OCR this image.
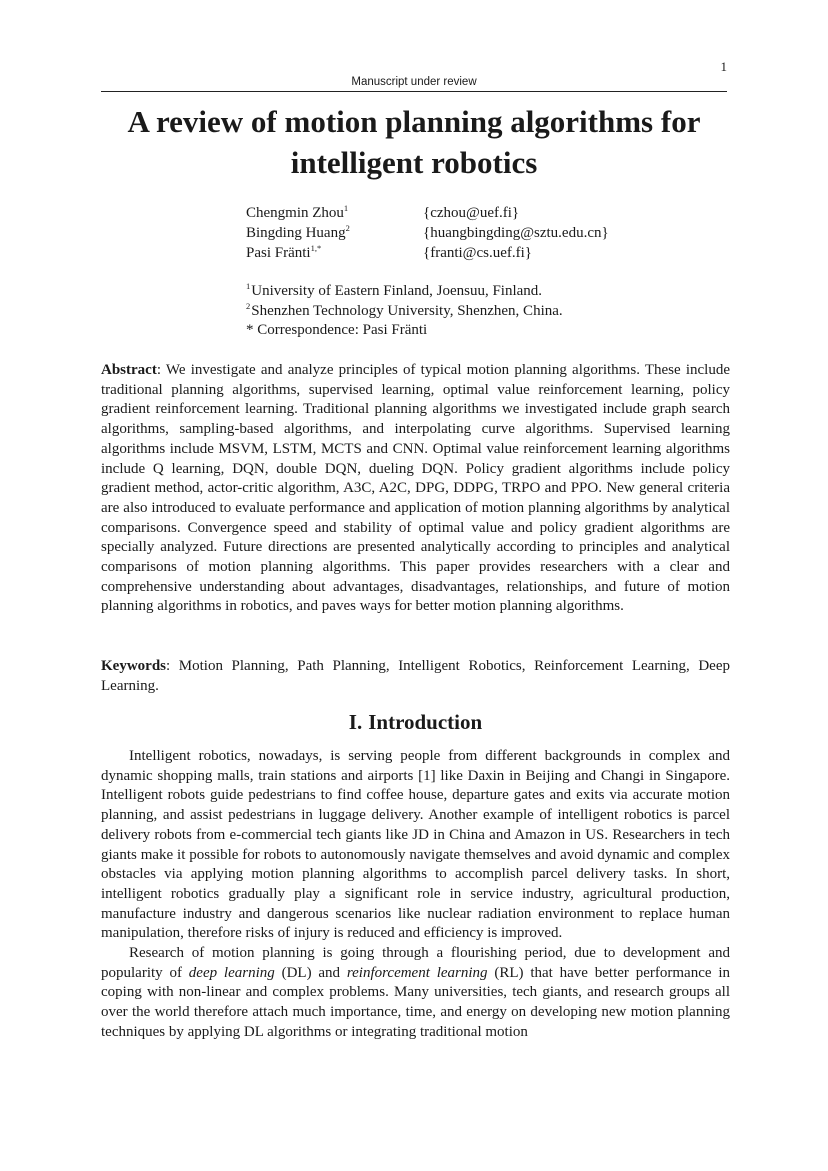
1
Manuscript under review
A review of motion planning algorithms for intelligent robotics
Chengmin Zhou$^1$	{czhou@uef.fi}
Bingding Huang$^2$	{huangbingding@sztu.edu.cn}
Pasi Fränti$^{1,*}$	{franti@cs.uef.fi}
$^1$University of Eastern Finland, Joensuu, Finland.
$^2$Shenzhen Technology University, Shenzhen, China.
* Correspondence: Pasi Fränti

Abstract: We investigate and analyze principles of typical motion planning algorithms. These include traditional planning algorithms, supervised learning, optimal value reinforcement learning, policy gradient reinforcement learning. Traditional planning algorithms we investigated include graph search algorithms, sampling-based algorithms, and interpolating curve algorithms. Supervised learning algorithms include MSVM, LSTM, MCTS and CNN. Optimal value reinforcement learning algorithms include Q learning, DQN, double DQN, dueling DQN. Policy gradient algorithms include policy gradient method, actor-critic algorithm, A3C, A2C, DPG, DDPG, TRPO and PPO. New general criteria are also introduced to evaluate performance and application of motion planning algorithms by analytical comparisons. Convergence speed and stability of optimal value and policy gradient algorithms are specially analyzed. Future directions are presented analytically according to principles and analytical comparisons of motion planning algorithms. This paper provides researchers with a clear and comprehensive understanding about advantages, disadvantages, relationships, and future of motion planning algorithms in robotics, and paves ways for better motion planning algorithms.

Keywords: Motion Planning, Path Planning, Intelligent Robotics, Reinforcement Learning, Deep Learning.

I. Introduction

Intelligent robotics, nowadays, is serving people from different backgrounds in complex and dynamic shopping malls, train stations and airports [1] like Daxin in Beijing and Changi in Singapore. Intelligent robots guide pedestrians to find coffee house, departure gates and exits via accurate motion planning, and assist pedestrians in luggage delivery. Another example of intelligent robotics is parcel delivery robots from e-commercial tech giants like JD in China and Amazon in US. Researchers in tech giants make it possible for robots to autonomously navigate themselves and avoid dynamic and complex obstacles via applying motion planning algorithms to accomplish parcel delivery tasks. In short, intelligent robotics gradually play a significant role in service industry, agricultural production, manufacture industry and dangerous scenarios like nuclear radiation environment to replace human manipulation, therefore risks of injury is reduced and efficiency is improved.

Research of motion planning is going through a flourishing period, due to development and popularity of deep learning (DL) and reinforcement learning (RL) that have better performance in coping with non-linear and complex problems. Many universities, tech giants, and research groups all over the world therefore attach much importance, time, and energy on developing new motion planning techniques by applying DL algorithms or integrating traditional motion
